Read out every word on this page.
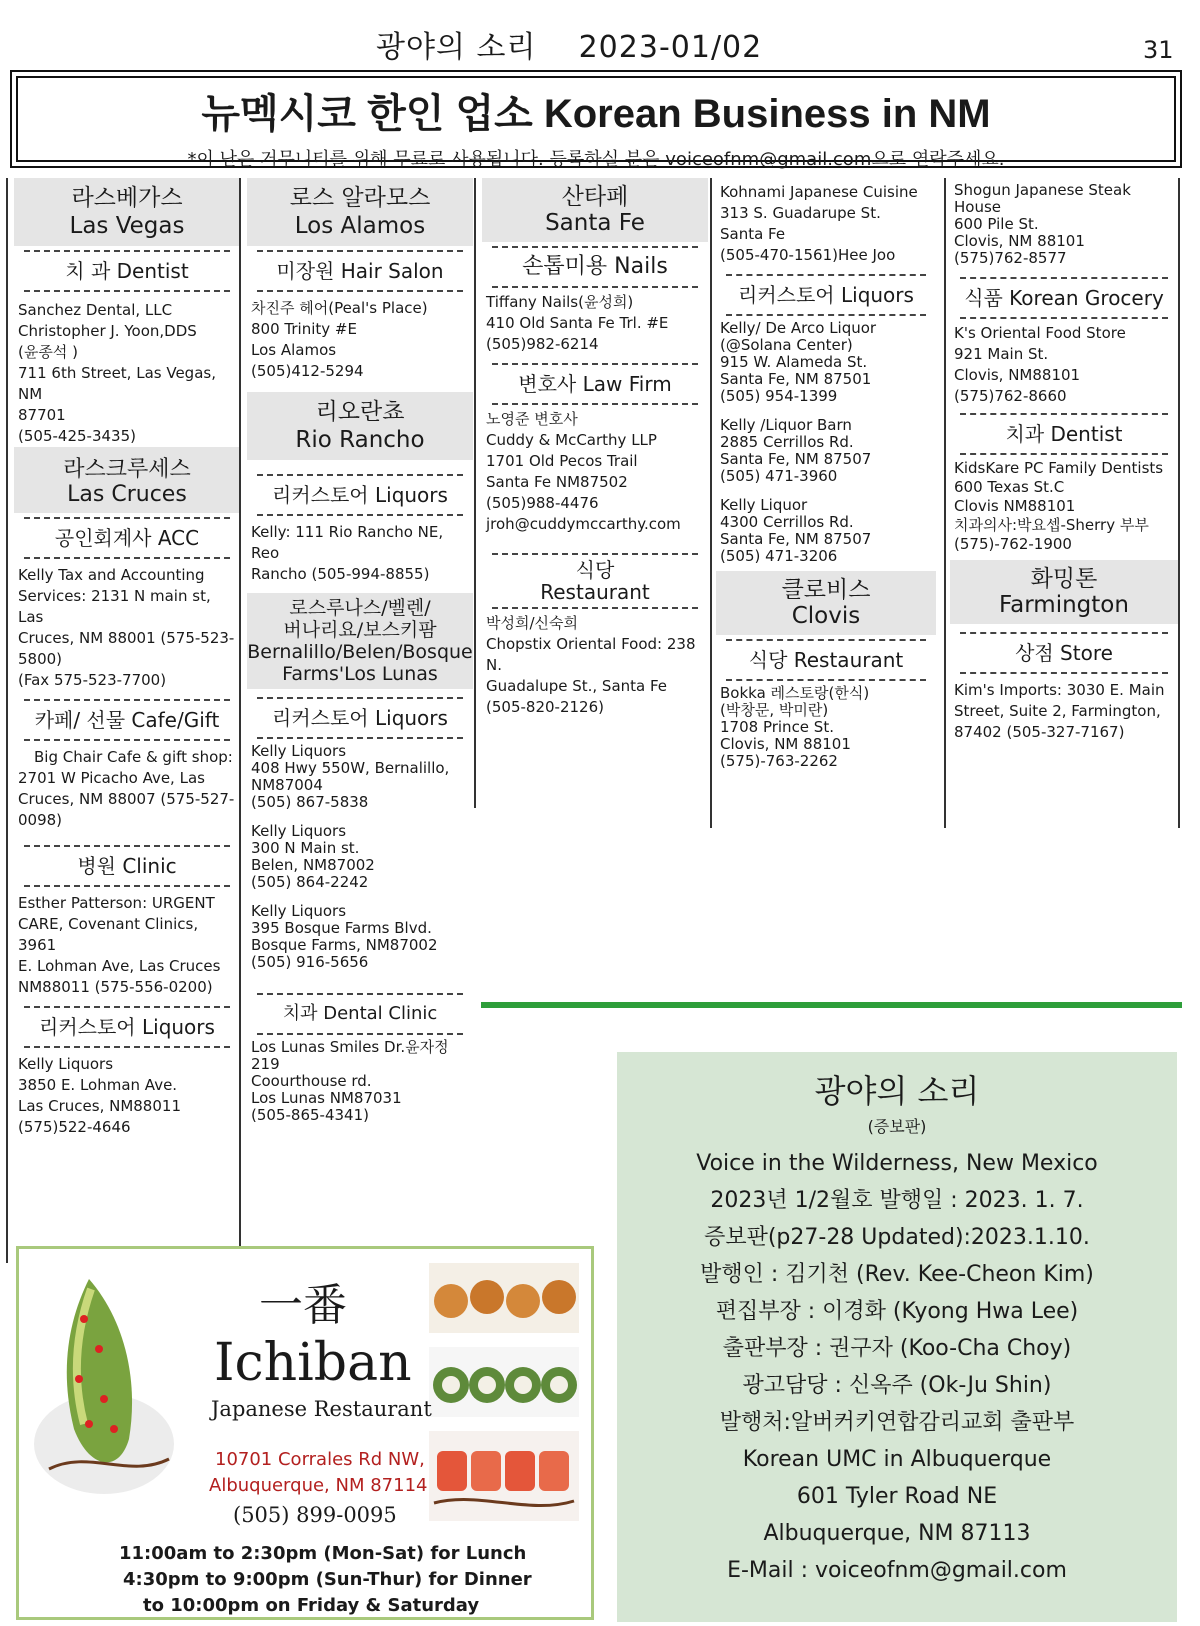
광야의 소리 2023-01/02	31
뉴멕시코 한인 업소 Korean Business in NM
*이 난은 거무니티를 위해 무료로 사용됩니다. 등록하실 분은 voiceofnm@gmail.com으로 연락주세요.
라스베가스
Las Vegas
치 과 Dentist
Sanchez Dental, LLC
Christopher J. Yoon,DDS
(윤종석 )
711 6th Street, Las Vegas, NM
87701
(505-425-3435)
라스크루세스
Las Cruces
공인회계사 ACC
Kelly Tax and Accounting
Services: 2131 N main st, Las
Cruces, NM 88001 (575-523-
5800)
(Fax 575-523-7700)
카페/ 선물 Cafe/Gift
Big Chair Cafe & gift shop:
2701 W Picacho Ave, Las
Cruces, NM 88007 (575-527-
0098)
병원 Clinic
Esther Patterson: URGENT
CARE, Covenant Clinics, 3961
E. Lohman Ave, Las Cruces
NM88011 (575-556-0200)
리커스토어 Liquors
Kelly Liquors
3850 E. Lohman Ave.
Las Cruces, NM88011
(575)522-4646
로스 알라모스
Los Alamos
미장원 Hair Salon
차진주 헤어(Peal's Place)
800 Trinity #E
Los Alamos
(505)412-5294
리오란쵸
Rio Rancho
리커스토어 Liquors
Kelly: 111 Rio Rancho NE, Reo
Rancho (505-994-8855)
로스루나스/벨렌/
버나리요/보스키팜
Bernalillo/Belen/Bosque
Farms'Los Lunas
리커스토어 Liquors
Kelly Liquors
408 Hwy 550W, Bernalillo,
NM87004
(505) 867-5838
Kelly Liquors
300 N Main st.
Belen, NM87002
(505) 864-2242
Kelly Liquors
395 Bosque Farms Blvd.
Bosque Farms, NM87002
(505) 916-5656
치과 Dental Clinic
Los Lunas Smiles Dr.윤자정219
Coourthouse rd.
Los Lunas NM87031
(505-865-4341)
산타페
Santa Fe
손톱미용 Nails
Tiffany Nails(윤성희)
410 Old Santa Fe Trl. #E
(505)982-6214
변호사 Law Firm
노영준 변호사
Cuddy & McCarthy LLP
1701 Old Pecos Trail
Santa Fe NM87502
(505)988-4476
jroh@cuddymccarthy.com
식당
Restaurant
박성희/신숙희
Chopstix Oriental Food: 238 N.
Guadalupe St., Santa Fe
(505-820-2126)
Kohnami Japanese Cuisine
313 S. Guadarupe St.
Santa Fe
(505-470-1561)Hee Joo
리커스토어 Liquors
Kelly/ De Arco Liquor
(@Solana Center)
915 W. Alameda St.
Santa Fe, NM 87501
(505) 954-1399
Kelly /Liquor Barn
2885 Cerrillos Rd.
Santa Fe, NM 87507
(505) 471-3960
Kelly Liquor
4300 Cerrillos Rd.
Santa Fe, NM 87507
(505) 471-3206
클로비스
Clovis
식당 Restaurant
Bokka 레스토랑(한식)
(박창문, 박미란)
1708 Prince St.
Clovis, NM 88101
(575)-763-2262
Shogun Japanese Steak House
600 Pile St.
Clovis, NM 88101
(575)762-8577
식품 Korean Grocery
K's Oriental Food Store
921 Main St.
Clovis, NM88101
(575)762-8660
치과 Dentist
KidsKare PC Family Dentists
600 Texas St.C
Clovis NM88101
치과의사:박요셉-Sherry 부부
(575)-762-1900
화밍톤
Farmington
상점 Store
Kim's Imports: 3030 E. Main
Street, Suite 2, Farmington,
87402 (505-327-7167)
광야의 소리
(증보판)
Voice in the Wilderness, New Mexico
2023년 1/2월호 발행일 : 2023. 1. 7.
증보판(p27-28 Updated):2023.1.10.
발행인 : 김기천 (Rev. Kee-Cheon Kim)
편집부장 : 이경화 (Kyong Hwa Lee)
출판부장 : 권구자 (Koo-Cha Choy)
광고담당 : 신옥주 (Ok-Ju Shin)
발행처:알버커키연합감리교회 출판부
Korean UMC in Albuquerque
601 Tyler Road NE
Albuquerque, NM 87113
E-Mail : voiceofnm@gmail.com
一番
Ichiban
Japanese Restaurant
10701 Corrales Rd NW,
Albuquerque, NM 87114
(505) 899-0095
11:00am to 2:30pm (Mon-Sat) for Lunch
4:30pm to 9:00pm (Sun-Thur) for Dinner
to 10:00pm on Friday & Saturday
